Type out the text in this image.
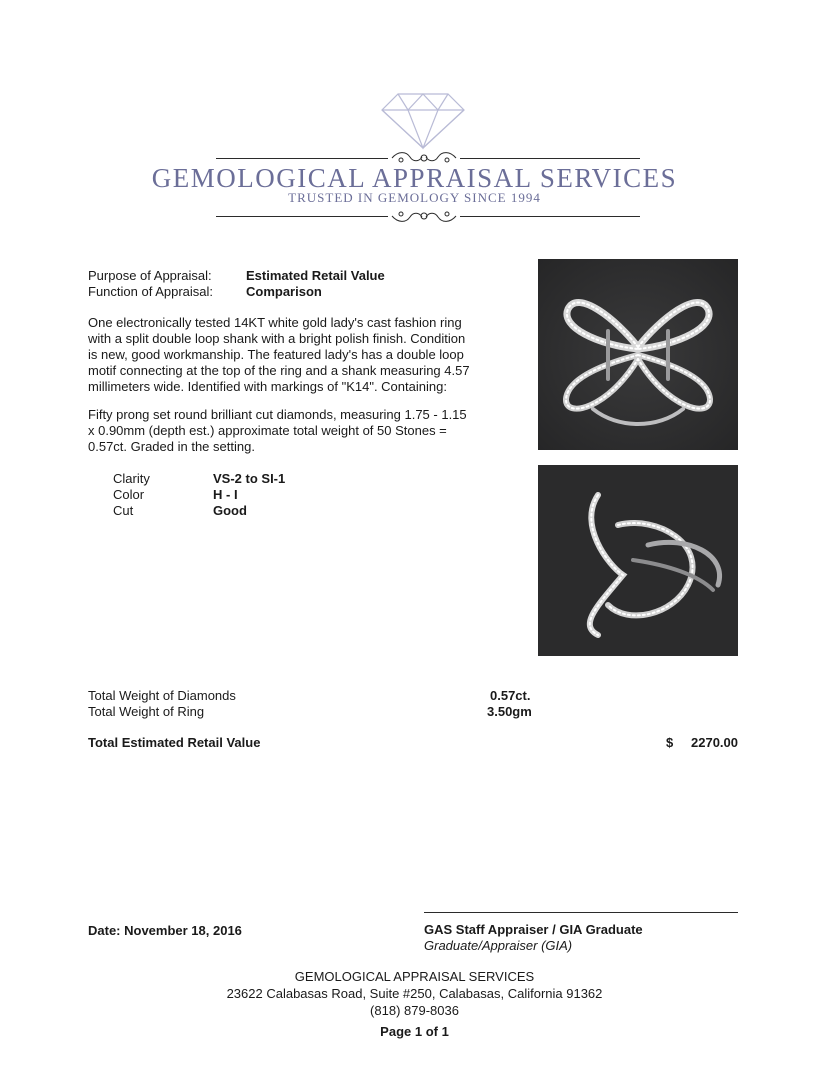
GEMOLOGICAL APPRAISAL SERVICES
TRUSTED IN GEMOLOGY SINCE 1994
Purpose of Appraisal:	Estimated Retail Value
Function of Appraisal:	Comparison
One electronically tested 14KT white gold lady's cast fashion ring
with a split double loop shank with a bright polish finish. Condition
is new, good workmanship. The featured lady's has a double loop
motif connecting at the top of the ring and a shank measuring 4.57
millimeters wide. Identified with markings of "K14". Containing:
Fifty prong set round brilliant cut diamonds, measuring 1.75 - 1.15
x 0.90mm (depth est.) approximate total weight of 50 Stones =
0.57ct. Graded in the setting.
Clarity	VS-2 to SI-1
Color	H - I
Cut	Good
Total Weight of Diamonds	0.57ct.
Total Weight of Ring	3.50gm
Total Estimated Retail Value	$	2270.00
Date: November 18, 2016	GAS Staff Appraiser / GIA Graduate
Graduate/Appraiser (GIA)
GEMOLOGICAL APPRAISAL SERVICES
23622 Calabasas Road, Suite #250, Calabasas, California 91362
(818) 879-8036
Page 1 of 1
